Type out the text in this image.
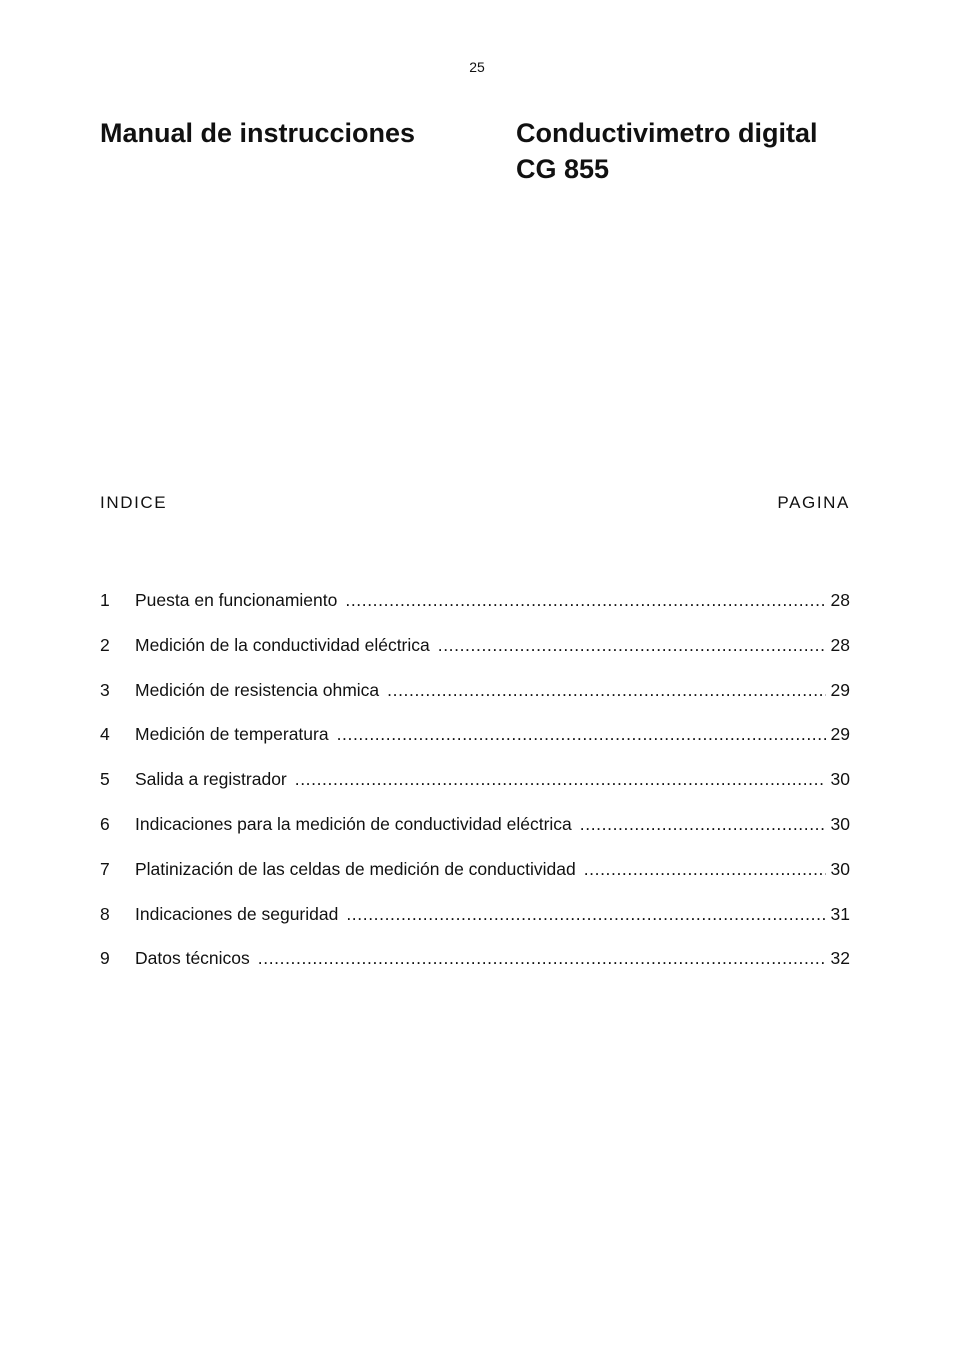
25
Manual de instrucciones	Conductivimetro digital
CG 855
INDICE	PAGINA
1	Puesta en funcionamiento .....	28
2	Medición de la conductividad eléctrica .....	28
3	Medición de resistencia ohmica .....	29
4	Medición de temperatura .....	29
5	Salida a registrador .....	30
6	Indicaciones para la medición de conductividad eléctrica .....	30
7	Platinización de las celdas de medición de conductividad .....	30
8	Indicaciones de seguridad .....	31
9	Datos técnicos .....	32
